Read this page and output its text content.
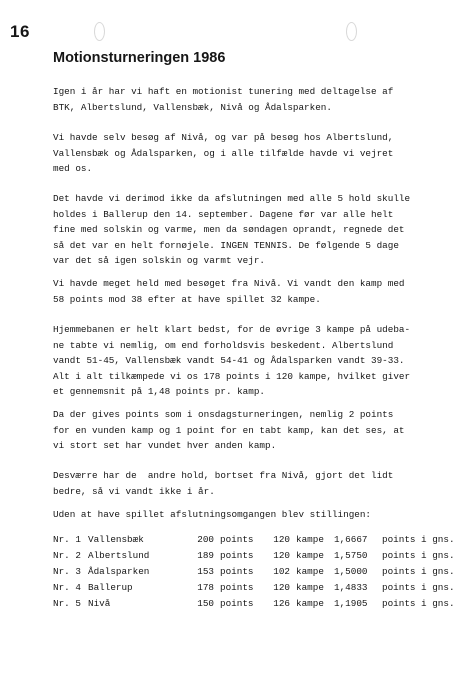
16
Motionsturneringen 1986

Igen i år har vi haft en motionist tunering med deltagelse af
BTK, Albertslund, Vallensbæk, Nivå og Ådalsparken.

Vi havde selv besøg af Nivå, og var på besøg hos Albertslund,
Vallensbæk og Ådalsparken, og i alle tilfælde havde vi vejret
med os.

Det havde vi derimod ikke da afslutningen med alle 5 hold skulle
holdes i Ballerup den 14. september. Dagene før var alle helt
fine med solskin og varme, men da søndagen oprandt, regnede det
så det var en helt fornøjele. INGEN TENNIS. De følgende 5 dage
var det så igen solskin og varmt vejr.

Vi havde meget held med besøget fra Nivå. Vi vandt den kamp med
58 points mod 38 efter at have spillet 32 kampe.

Hjemmebanen er helt klart bedst, for de øvrige 3 kampe på udeba-
ne tabte vi nemlig, om end forholdsvis beskedent. Albertslund
vandt 51-45, Vallensbæk vandt 54-41 og Ådalsparken vandt 39-33.
Alt i alt tilkæmpede vi os 178 points i 120 kampe, hvilket giver
et gennemsnit på 1,48 points pr. kamp.

Da der gives points som i onsdagsturneringen, nemlig 2 points
for en vunden kamp og 1 point for en tabt kamp, kan det ses, at
vi stort set har vundet hver anden kamp.

Desværre har de  andre hold, bortset fra Nivå, gjort det lidt
bedre, så vi vandt ikke i år.

Uden at have spillet afslutningsomgangen blev stillingen:

Nr. 1	Vallensbæk	200	points	120	kampe	1,6667	points i gns.
Nr. 2	Albertslund	189	points	120	kampe	1,5750	points i gns.
Nr. 3	Ådalsparken	153	points	102	kampe	1,5000	points i gns.
Nr. 4	Ballerup	178	points	120	kampe	1,4833	points i gns.
Nr. 5	Nivå	150	points	126	kampe	1,1905	points i gns.
